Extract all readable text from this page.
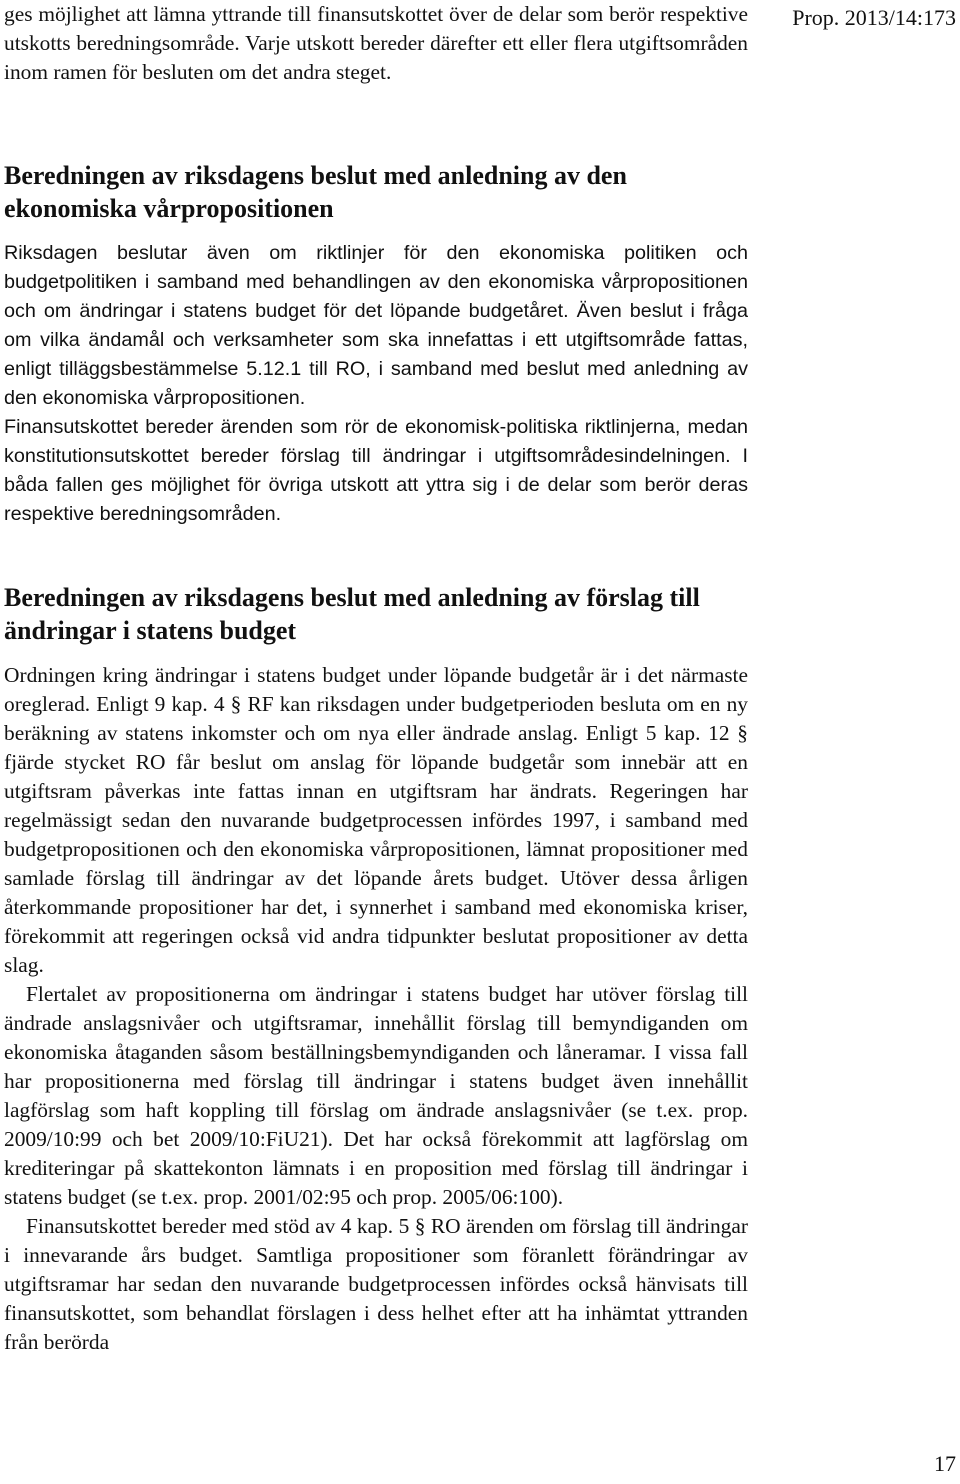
Prop. 2013/14:173

ges möjlighet att lämna yttrande till finansutskottet över de delar som berör respektive utskotts beredningsområde. Varje utskott bereder därefter ett eller flera utgiftsområden inom ramen för besluten om det andra steget.

Beredningen av riksdagens beslut med anledning av den ekonomiska vårpropositionen

Riksdagen beslutar även om riktlinjer för den ekonomiska politiken och budgetpolitiken i samband med behandlingen av den ekonomiska vårpropositionen och om ändringar i statens budget för det löpande budgetåret. Även beslut i fråga om vilka ändamål och verksamheter som ska innefattas i ett utgiftsområde fattas, enligt tilläggsbestämmelse 5.12.1 till RO, i samband med beslut med anledning av den ekonomiska vårpropositionen.

Finansutskottet bereder ärenden som rör de ekonomisk-politiska riktlinjerna, medan konstitutionsutskottet bereder förslag till ändringar i utgiftsområdesindelningen. I båda fallen ges möjlighet för övriga utskott att yttra sig i de delar som berör deras respektive beredningsområden.

Beredningen av riksdagens beslut med anledning av förslag till ändringar i statens budget

Ordningen kring ändringar i statens budget under löpande budgetår är i det närmaste oreglerad. Enligt 9 kap. 4 § RF kan riksdagen under budgetperioden besluta om en ny beräkning av statens inkomster och om nya eller ändrade anslag. Enligt 5 kap. 12 § fjärde stycket RO får beslut om anslag för löpande budgetår som innebär att en utgiftsram påverkas inte fattas innan en utgiftsram har ändrats. Regeringen har regelmässigt sedan den nuvarande budgetprocessen infördes 1997, i samband med budgetpropositionen och den ekonomiska vårpropositionen, lämnat propositioner med samlade förslag till ändringar av det löpande årets budget. Utöver dessa årligen återkommande propositioner har det, i synnerhet i samband med ekonomiska kriser, förekommit att regeringen också vid andra tidpunkter beslutat propositioner av detta slag.

Flertalet av propositionerna om ändringar i statens budget har utöver förslag till ändrade anslagsnivåer och utgiftsramar, innehållit förslag till bemyndiganden om ekonomiska åtaganden såsom beställningsbemyndiganden och låneramar. I vissa fall har propositionerna med förslag till ändringar i statens budget även innehållit lagförslag som haft koppling till förslag om ändrade anslagsnivåer (se t.ex. prop. 2009/10:99 och bet 2009/10:FiU21). Det har också förekommit att lagförslag om krediteringar på skattekonton lämnats i en proposition med förslag till ändringar i statens budget (se t.ex. prop. 2001/02:95 och prop. 2005/06:100).

Finansutskottet bereder med stöd av 4 kap. 5 § RO ärenden om förslag till ändringar i innevarande års budget. Samtliga propositioner som föranlett förändringar av utgiftsramar har sedan den nuvarande budgetprocessen infördes också hänvisats till finansutskottet, som behandlat förslagen i dess helhet efter att ha inhämtat yttranden från berörda

17
